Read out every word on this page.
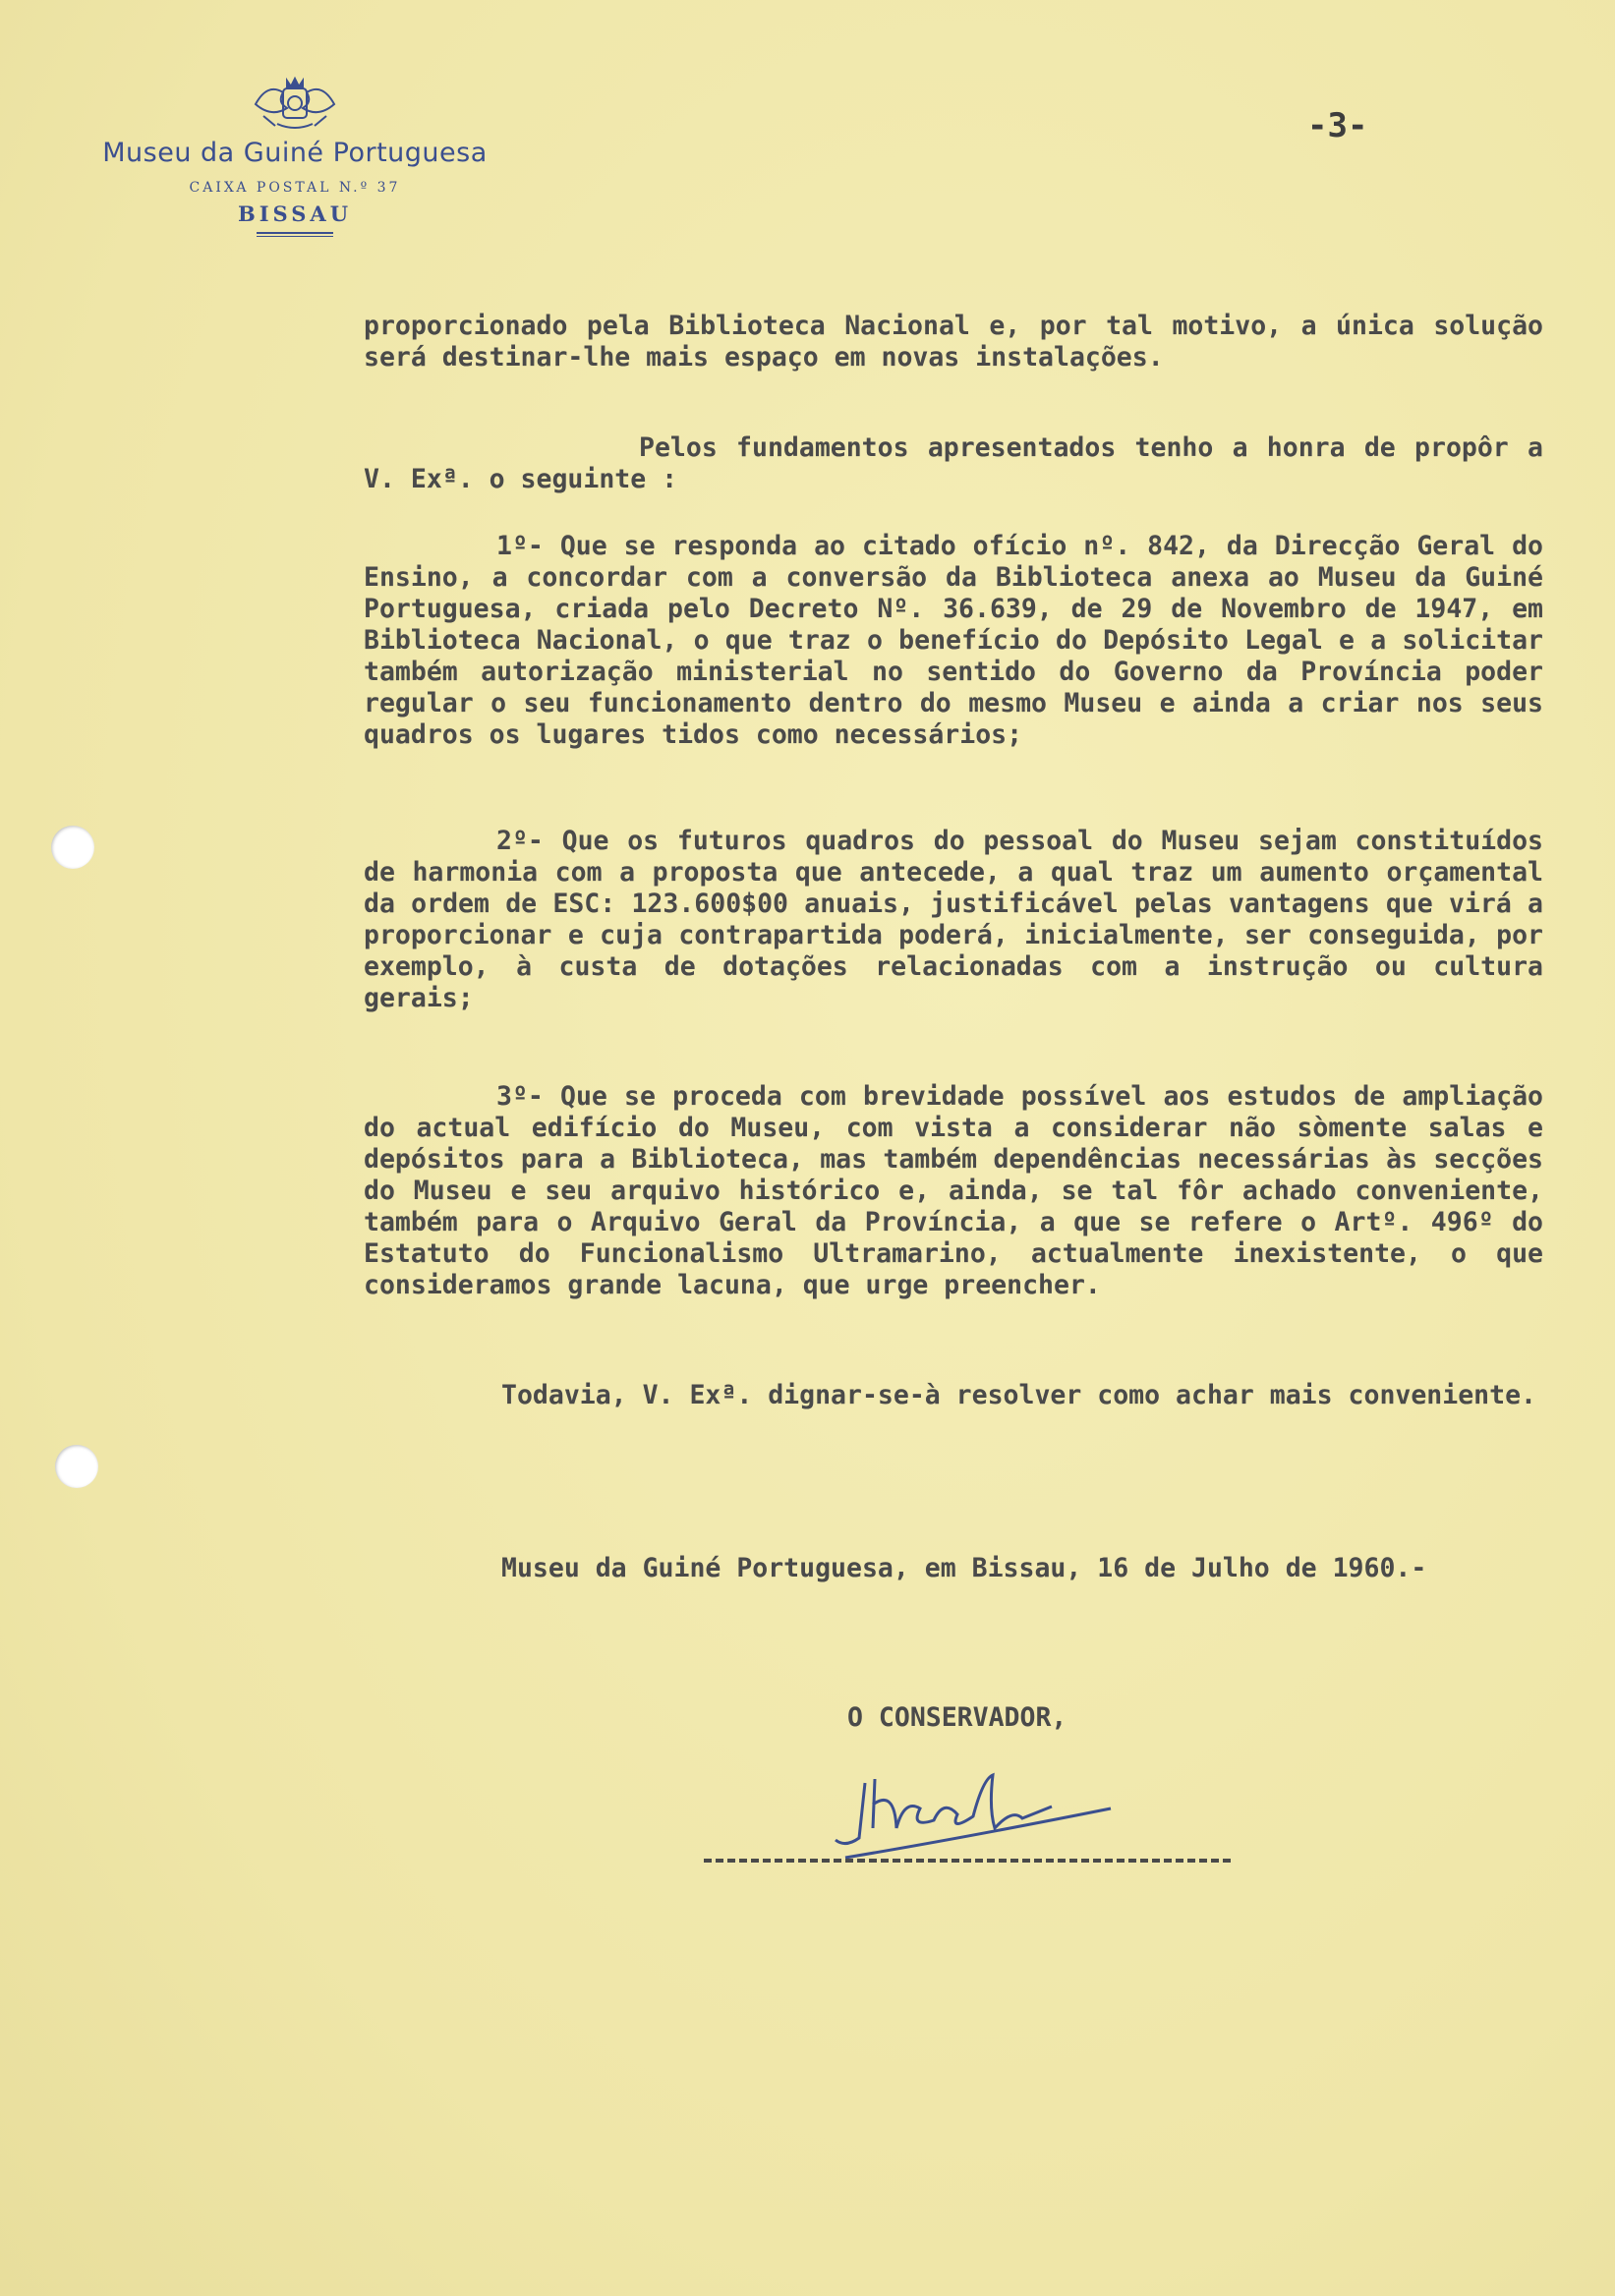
Museu da Guiné Portuguesa
CAIXA POSTAL N.º 37
BISSAU
-3-
proporcionado pela Biblioteca Nacional e, por tal motivo, a única solução será destinar-lhe mais espaço em novas instalações.
Pelos fundamentos apresentados tenho a honra de propôr a V. Exª. o seguinte :
1º- Que se responda ao citado ofício nº. 842, da Direcção Geral do Ensino, a concordar com a conversão da Biblioteca anexa ao Museu da Guiné Portuguesa, criada pelo Decreto Nº. 36.639, de 29 de Novembro de 1947, em Biblioteca Nacional, o que traz o benefício do Depósito Legal e a solicitar também autorização ministerial no sentido do Governo da Província poder regular o seu funcionamento dentro do mesmo Museu e ainda a criar nos seus quadros os lugares tidos como necessários;
2º- Que os futuros quadros do pessoal do Museu sejam constituídos de harmonia com a proposta que antecede, a qual traz um aumento orçamental da ordem de ESC: 123.600$00 anuais, justificável pelas vantagens que virá a proporcionar e cuja contrapartida poderá, inicialmente, ser conseguida, por exemplo, à custa de dotações relacionadas com a instrução ou cultura gerais;
3º- Que se proceda com brevidade possível aos estudos de ampliação do actual edifício do Museu, com vista a considerar não sòmente salas e depósitos para a Biblioteca, mas também dependências necessárias às secções do Museu e seu arquivo histórico e, ainda, se tal fôr achado conveniente, também para o Arquivo Geral da Província, a que se refere o Artº. 496º do Estatuto do Funcionalismo Ultramarino, actualmente inexistente, o que consideramos grande lacuna, que urge preencher.
Todavia, V. Exª. dignar-se-à resolver como achar mais conveniente.
Museu da Guiné Portuguesa, em Bissau, 16 de Julho de 1960.-
O CONSERVADOR,
